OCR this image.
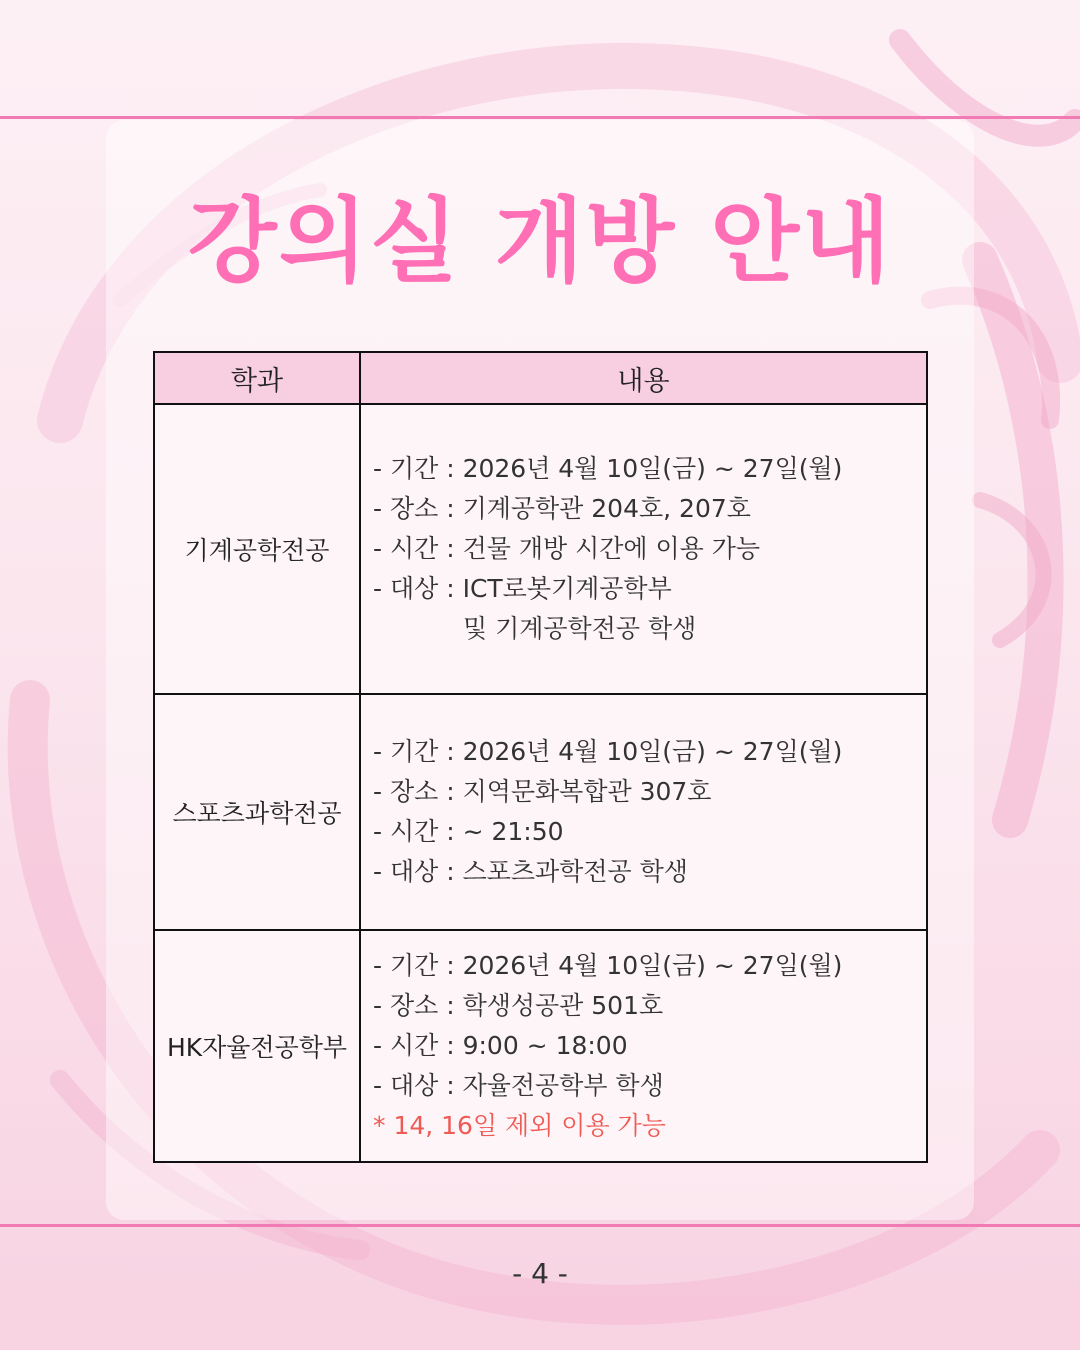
강의실 개방 안내
학과	내용
기계공학전공	- 기간 : 2026년 4월 10일(금) ~ 27일(월)
- 장소 : 기계공학관 204호, 207호
- 시간 : 건물 개방 시간에 이용 가능
- 대상 : ICT로봇기계공학부
및 기계공학전공 학생

스포츠과학전공	- 기간 : 2026년 4월 10일(금) ~ 27일(월)
- 장소 : 지역문화복합관 307호
- 시간 : ~ 21:50
- 대상 : 스포츠과학전공 학생

HK자율전공학부	- 기간 : 2026년 4월 10일(금) ~ 27일(월)
- 장소 : 학생성공관 501호
- 시간 : 9:00 ~ 18:00
- 대상 : 자율전공학부 학생
* 14, 16일 제외 이용 가능
- 4 -
